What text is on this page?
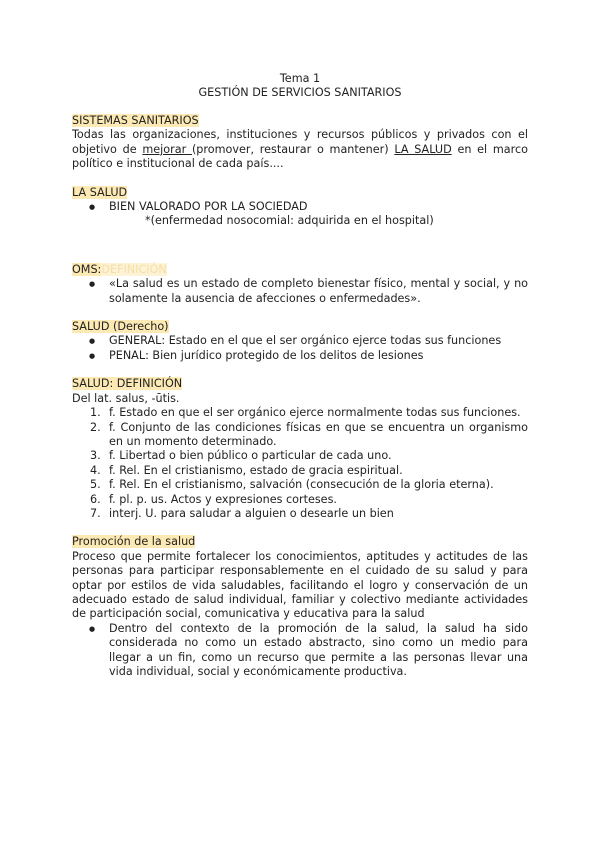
Tema 1
GESTIÓN DE SERVICIOS SANITARIOS
SISTEMAS SANITARIOS
Todas las organizaciones, instituciones y recursos públicos y privados con el objetivo de mejorar (promover, restaurar o mantener) LA SALUD en el marco político e institucional de cada país....
LA SALUD
● BIEN VALORADO POR LA SOCIEDAD
*(enfermedad nosocomial: adquirida en el hospital)
OMS:DEFINICIÓN
● «La salud es un estado de completo bienestar físico, mental y social, y no solamente la ausencia de afecciones o enfermedades».
SALUD (Derecho)
● GENERAL: Estado en el que el ser orgánico ejerce todas sus funciones
● PENAL: Bien jurídico protegido de los delitos de lesiones
SALUD: DEFINICIÓN
Del lat. salus, -ūtis.
1. f. Estado en que el ser orgánico ejerce normalmente todas sus funciones.
2. f. Conjunto de las condiciones físicas en que se encuentra un organismo en un momento determinado.
3. f. Libertad o bien público o particular de cada uno.
4. f. Rel. En el cristianismo, estado de gracia espiritual.
5. f. Rel. En el cristianismo, salvación (consecución de la gloria eterna).
6. f. pl. p. us. Actos y expresiones corteses.
7. interj. U. para saludar a alguien o desearle un bien
Promoción de la salud
Proceso que permite fortalecer los conocimientos, aptitudes y actitudes de las personas para participar responsablemente en el cuidado de su salud y para optar por estilos de vida saludables, facilitando el logro y conservación de un adecuado estado de salud individual, familiar y colectivo mediante actividades de participación social, comunicativa y educativa para la salud
● Dentro del contexto de la promoción de la salud, la salud ha sido considerada no como un estado abstracto, sino como un medio para llegar a un fin, como un recurso que permite a las personas llevar una vida individual, social y económicamente productiva.
